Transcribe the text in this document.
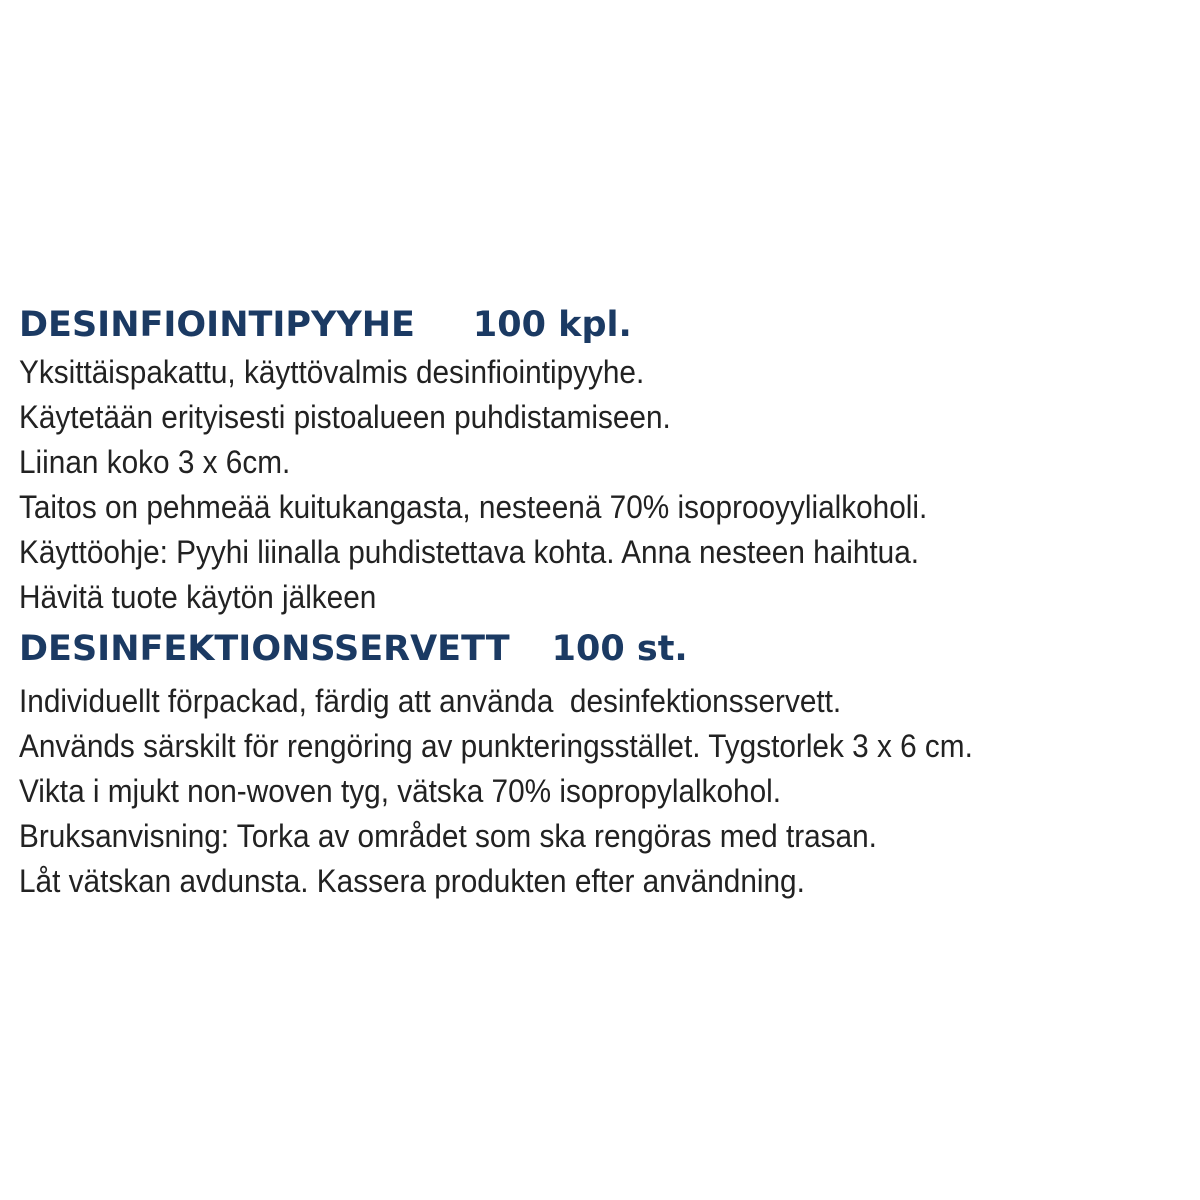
DESINFIOINTIPYYHE 100 kpl.
Yksittäispakattu, käyttövalmis desinfiointipyyhe.
Käytetään erityisesti pistoalueen puhdistamiseen.
Liinan koko 3 x 6cm.
Taitos on pehmeää kuitukangasta, nesteenä 70% isoprooyylialkoholi.
Käyttöohje: Pyyhi liinalla puhdistettava kohta. Anna nesteen haihtua.
Hävitä tuote käytön jälkeen
DESINFEKTIONSSERVETT 100 st.
Individuellt förpackad, färdig att använda  desinfektionsservett.
Används särskilt för rengöring av punkteringsstället. Tygstorlek 3 x 6 cm.
Vikta i mjukt non-woven tyg, vätska 70% isopropylalkohol.
Bruksanvisning: Torka av området som ska rengöras med trasan.
Låt vätskan avdunsta. Kassera produkten efter användning.
